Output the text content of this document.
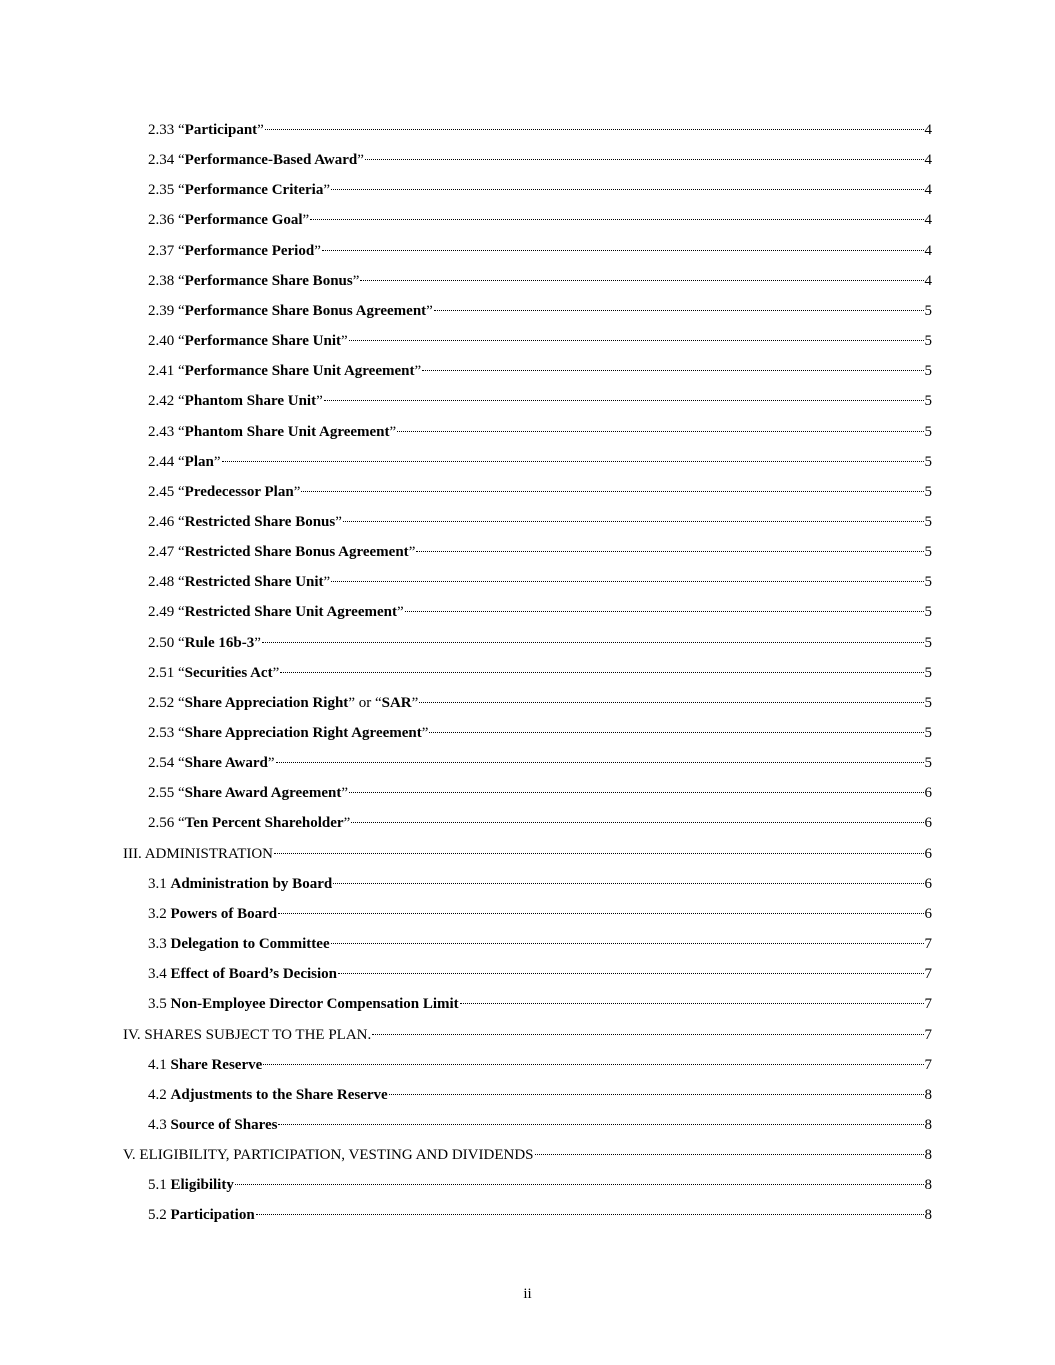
2.33 “Participant”	4
2.34 “Performance-Based Award”	4
2.35 “Performance Criteria”	4
2.36 “Performance Goal”	4
2.37 “Performance Period”	4
2.38 “Performance Share Bonus”	4
2.39 “Performance Share Bonus Agreement”	5
2.40 “Performance Share Unit”	5
2.41 “Performance Share Unit Agreement”	5
2.42 “Phantom Share Unit”	5
2.43 “Phantom Share Unit Agreement”	5
2.44 “Plan”	5
2.45 “Predecessor Plan”	5
2.46 “Restricted Share Bonus”	5
2.47 “Restricted Share Bonus Agreement”	5
2.48 “Restricted Share Unit”	5
2.49 “Restricted Share Unit Agreement”	5
2.50 “Rule 16b-3”	5
2.51 “Securities Act”	5
2.52 “Share Appreciation Right” or “SAR”	5
2.53 “Share Appreciation Right Agreement”	5
2.54 “Share Award”	5
2.55 “Share Award Agreement”	6
2.56 “Ten Percent Shareholder”	6
III. ADMINISTRATION	6
3.1 Administration by Board	6
3.2 Powers of Board	6
3.3 Delegation to Committee	7
3.4 Effect of Board’s Decision	7
3.5 Non-Employee Director Compensation Limit	7
IV. SHARES SUBJECT TO THE PLAN.	7
4.1 Share Reserve	7
4.2 Adjustments to the Share Reserve	8
4.3 Source of Shares	8
V. ELIGIBILITY, PARTICIPATION, VESTING AND DIVIDENDS	8
5.1 Eligibility	8
5.2 Participation	8
ii
